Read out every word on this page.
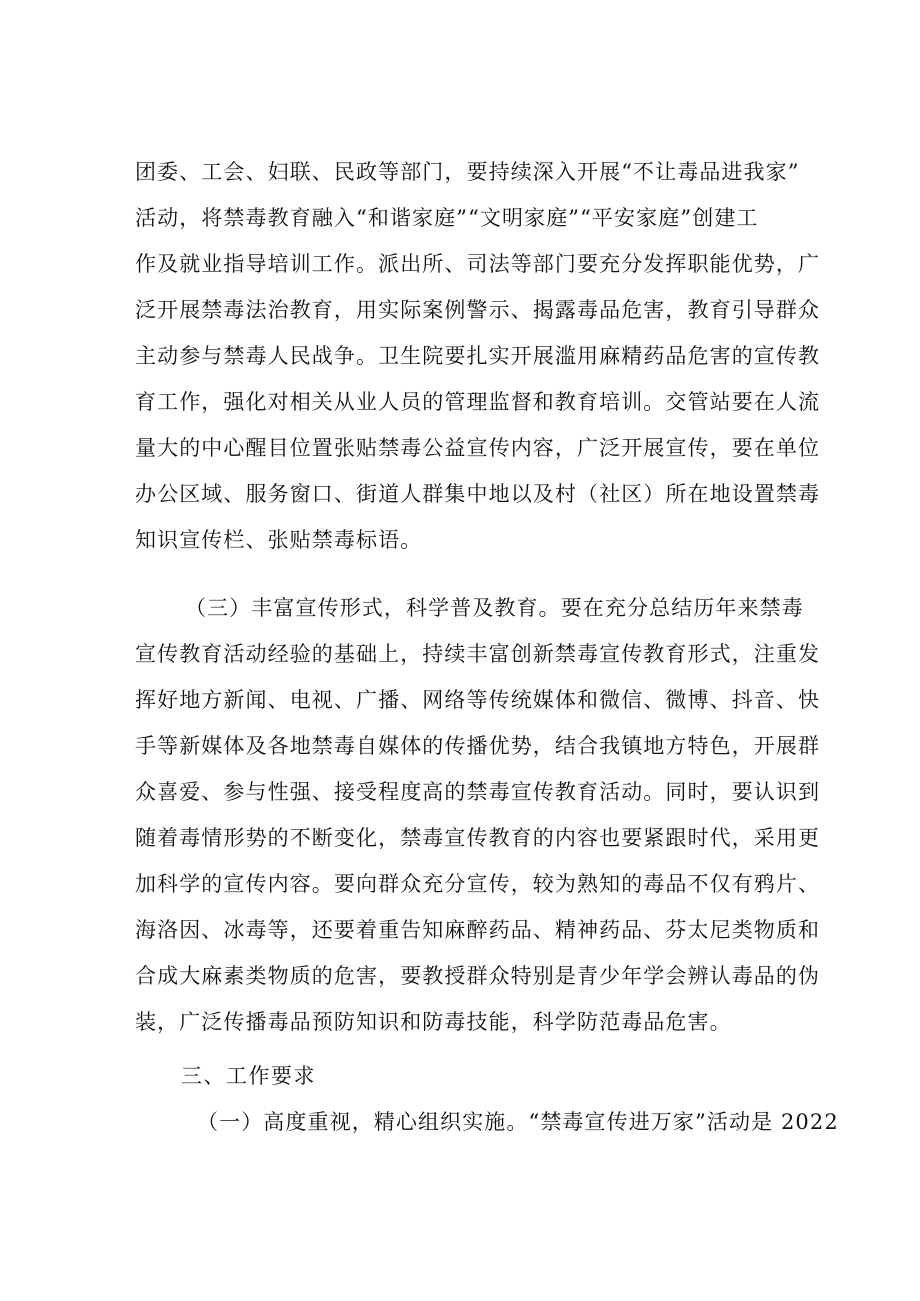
团委、工会、妇联、民政等部门，要持续深入开展“不让毒品进我家”
活动，将禁毒教育融入“和谐家庭”“文明家庭”“平安家庭”创建工
作及就业指导培训工作。派出所、司法等部门要充分发挥职能优势，广
泛开展禁毒法治教育，用实际案例警示、揭露毒品危害，教育引导群众
主动参与禁毒人民战争。卫生院要扎实开展滥用麻精药品危害的宣传教
育工作，强化对相关从业人员的管理监督和教育培训。交管站要在人流
量大的中心醒目位置张贴禁毒公益宣传内容，广泛开展宣传，要在单位
办公区域、服务窗口、街道人群集中地以及村（社区）所在地设置禁毒
知识宣传栏、张贴禁毒标语。
（三）丰富宣传形式，科学普及教育。要在充分总结历年来禁毒
宣传教育活动经验的基础上，持续丰富创新禁毒宣传教育形式，注重发
挥好地方新闻、电视、广播、网络等传统媒体和微信、微博、抖音、快
手等新媒体及各地禁毒自媒体的传播优势，结合我镇地方特色，开展群
众喜爱、参与性强、接受程度高的禁毒宣传教育活动。同时，要认识到
随着毒情形势的不断变化，禁毒宣传教育的内容也要紧跟时代，采用更
加科学的宣传内容。要向群众充分宣传，较为熟知的毒品不仅有鸦片、
海洛因、冰毒等，还要着重告知麻醉药品、精神药品、芬太尼类物质和
合成大麻素类物质的危害，要教授群众特别是青少年学会辨认毒品的伪
装，广泛传播毒品预防知识和防毒技能，科学防范毒品危害。
三、工作要求
（一）高度重视，精心组织实施。“禁毒宣传进万家”活动是 2022
